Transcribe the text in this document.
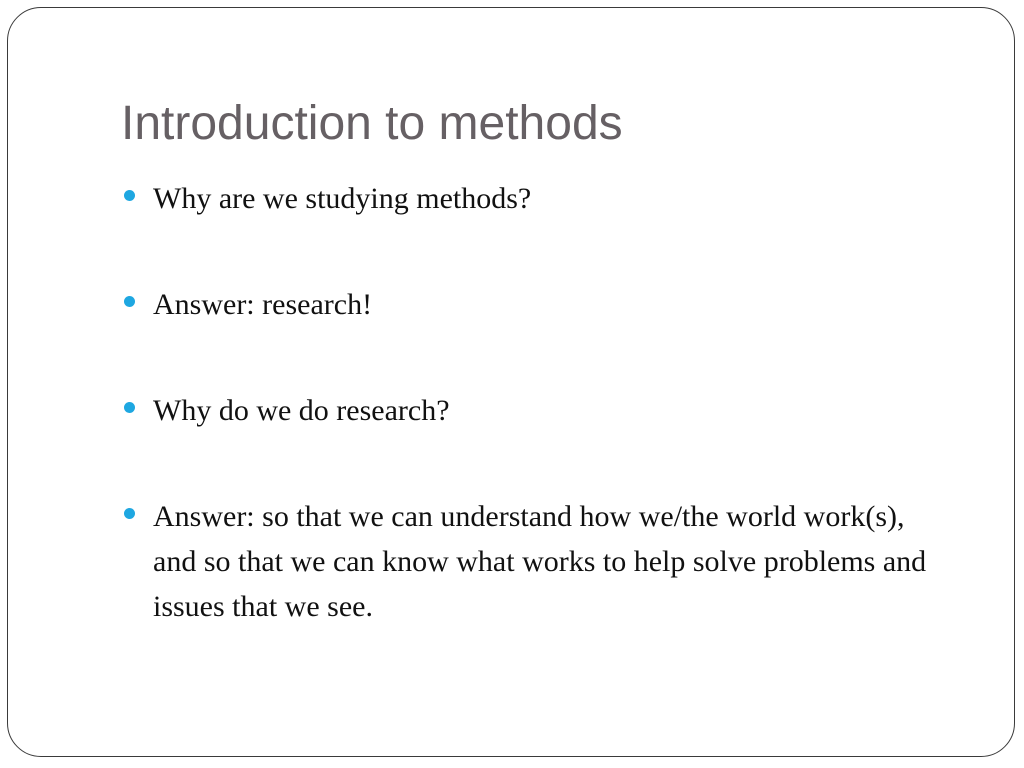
Introduction to methods
Why are we studying methods?
Answer: research!
Why do we do research?
Answer: so that we can understand how we/the world work(s), and so that we can know what works to help solve problems and issues that we see.
